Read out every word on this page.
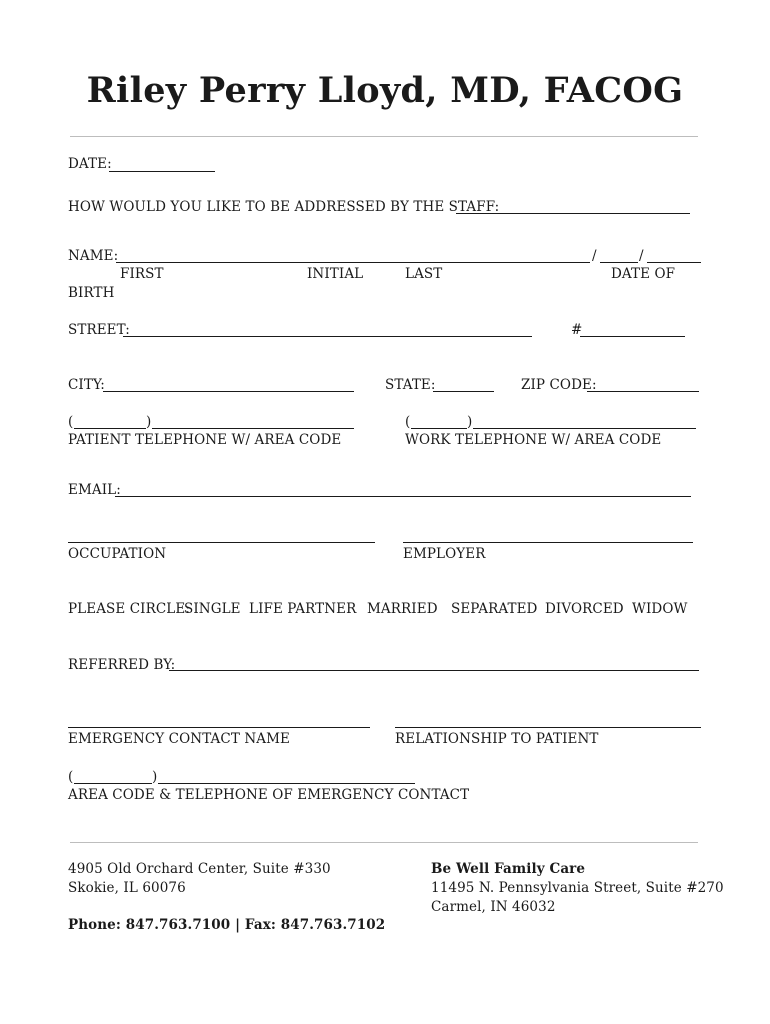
Riley Perry Lloyd, MD, FACOG
DATE:
HOW WOULD YOU LIKE TO BE ADDRESSED BY THE STAFF:
NAME:	/	/
FIRST	INITIAL	LAST	DATE OF
BIRTH
STREET:	#
CITY:	STATE:	ZIP CODE:
(	)
PATIENT TELEPHONE W/ AREA CODE
(	)
WORK TELEPHONE W/ AREA CODE
EMAIL:
OCCUPATION	EMPLOYER
PLEASE CIRCLE:
SINGLE LIFE PARTNER MARRIED SEPARATED DIVORCED WIDOW
REFERRED BY:
EMERGENCY CONTACT NAME	RELATIONSHIP TO PATIENT
(	)
AREA CODE & TELEPHONE OF EMERGENCY CONTACT
4905 Old Orchard Center, Suite #330
Skokie, IL 60076
Phone: 847.763.7100 | Fax: 847.763.7102
Be Well Family Care
11495 N. Pennsylvania Street, Suite #270
Carmel, IN 46032
